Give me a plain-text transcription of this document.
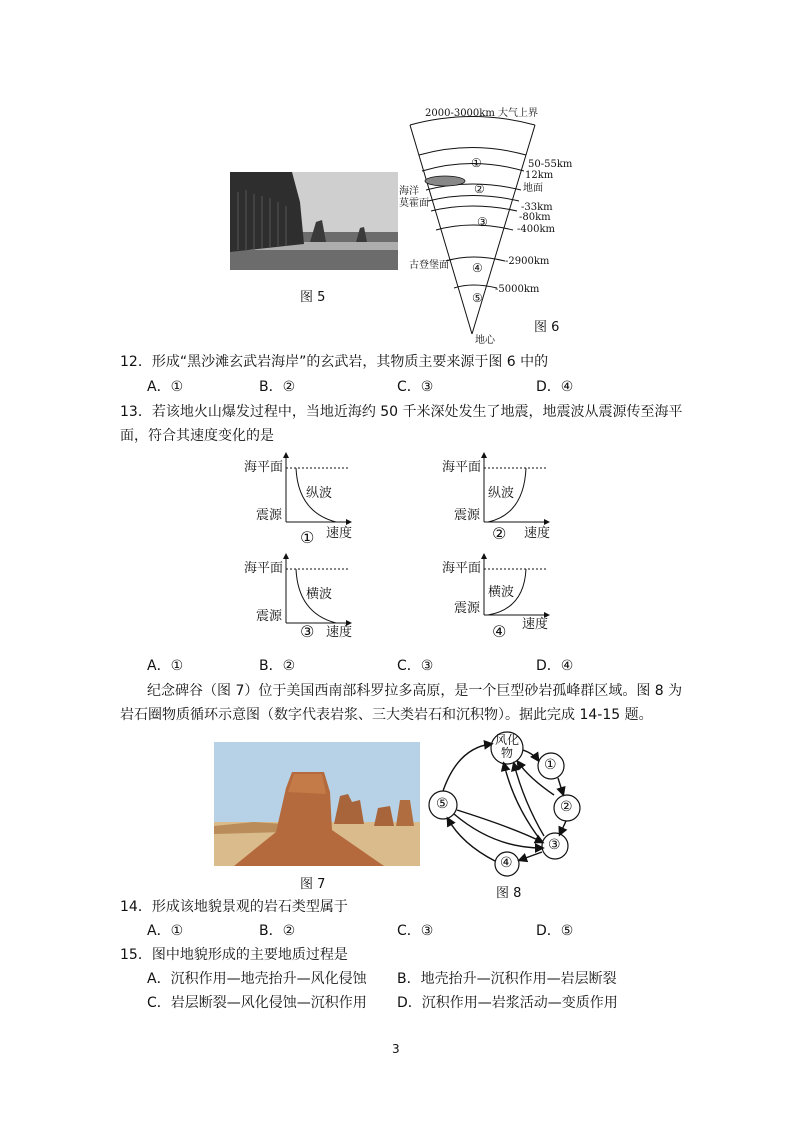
图 5
2000-3000km 大气上界
①
②
③
④
⑤
50-55km
12km
地面
-33km
-80km
-400km
-2900km
-5000km
海洋
莫霍面
古登堡面
地心
图 6
12．形成“黑沙滩玄武岩海岸”的玄武岩，其物质主要来源于图 6 中的
A．①	B．②	C．③	D．④
13．若该地火山爆发过程中，当地近海约 50 千米深处发生了地震，地震波从震源传至海平
面，符合其速度变化的是
海平面
震源
纵波
速度
①
海平面
震源
纵波
速度
②
海平面
震源
横波
速度
③
海平面
震源
横波
速度
④
A．①	B．②	C．③	D．④
纪念碑谷（图 7）位于美国西南部科罗拉多高原，是一个巨型砂岩孤峰群区域。图 8 为
岩石圈物质循环示意图（数字代表岩浆、三大类岩石和沉积物）。据此完成 14-15 题。
图 7
风化物
①
②
③
④
⑤
图 8
14．形成该地貌景观的岩石类型属于
A．①	B．②	C．③	D．⑤
15．图中地貌形成的主要地质过程是
A．沉积作用—地壳抬升—风化侵蚀 B．地壳抬升—沉积作用—岩层断裂
C．岩层断裂—风化侵蚀—沉积作用 D．沉积作用—岩浆活动—变质作用
3
